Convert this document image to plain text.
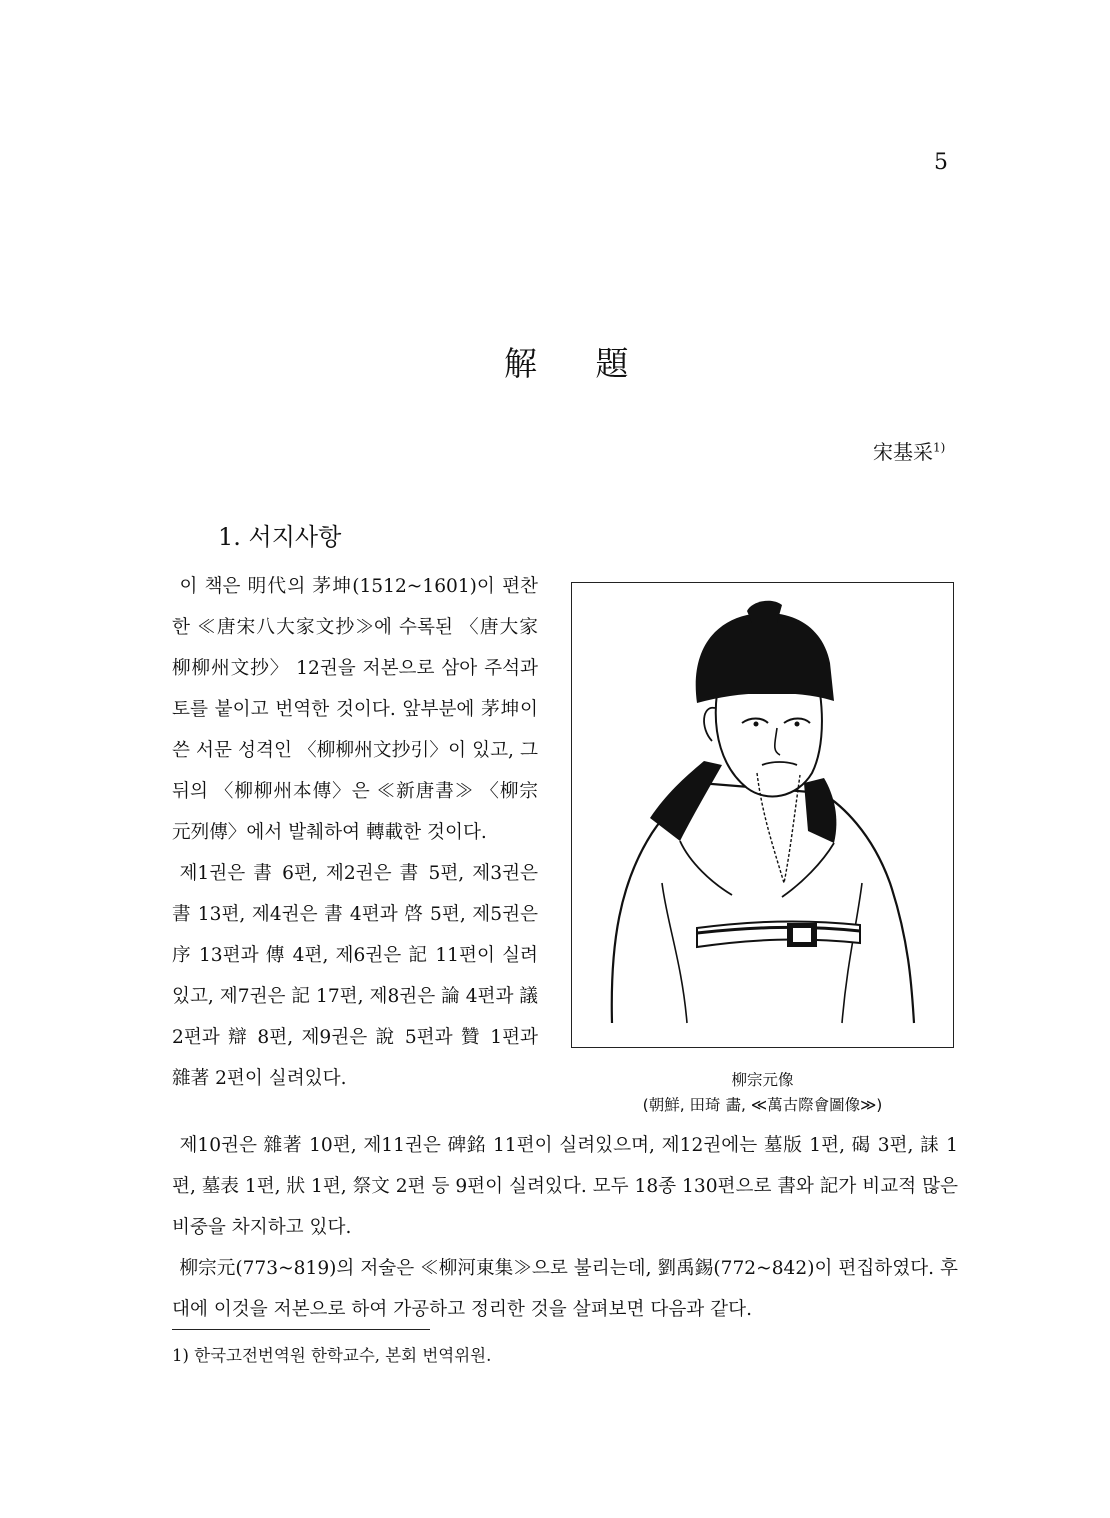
5
解 題
宋基采$^{1)}$
1. 서지사항

이 책은 明代의 茅坤(1512~1601)이 편찬한 ≪唐宋八大家文抄≫에 수록된 〈唐大家柳柳州文抄〉 12권을 저본으로 삼아 주석과 토를 붙이고 번역한 것이다. 앞부분에 茅坤이 쓴 서문 성격인 〈柳柳州文抄引〉이 있고, 그 뒤의 〈柳柳州本傳〉은 ≪新唐書≫ 〈柳宗元列傳〉에서 발췌하여 轉載한 것이다.

제1권은 書 6편, 제2권은 書 5편, 제3권은 書 13편, 제4권은 書 4편과 啓 5편, 제5권은 序 13편과 傳 4편, 제6권은 記 11편이 실려있고, 제7권은 記 17편, 제8권은 論 4편과 議 2편과 辯 8편, 제9권은 說 5편과 贊 1편과 雜著 2편이 실려있다.	柳宗元像
(朝鮮, 田琦 畵, ≪萬古際會圖像≫)

제10권은 雜著 10편, 제11권은 碑銘 11편이 실려있으며, 제12권에는 墓版 1편, 碣 3편, 誄 1편, 墓表 1편, 狀 1편, 祭文 2편 등 9편이 실려있다. 모두 18종 130편으로 書와 記가 비교적 많은 비중을 차지하고 있다.

柳宗元(773~819)의 저술은 ≪柳河東集≫으로 불리는데, 劉禹錫(772~842)이 편집하였다. 후대에 이것을 저본으로 하여 가공하고 정리한 것을 살펴보면 다음과 같다.

1) 한국고전번역원 한학교수, 본회 번역위원.
